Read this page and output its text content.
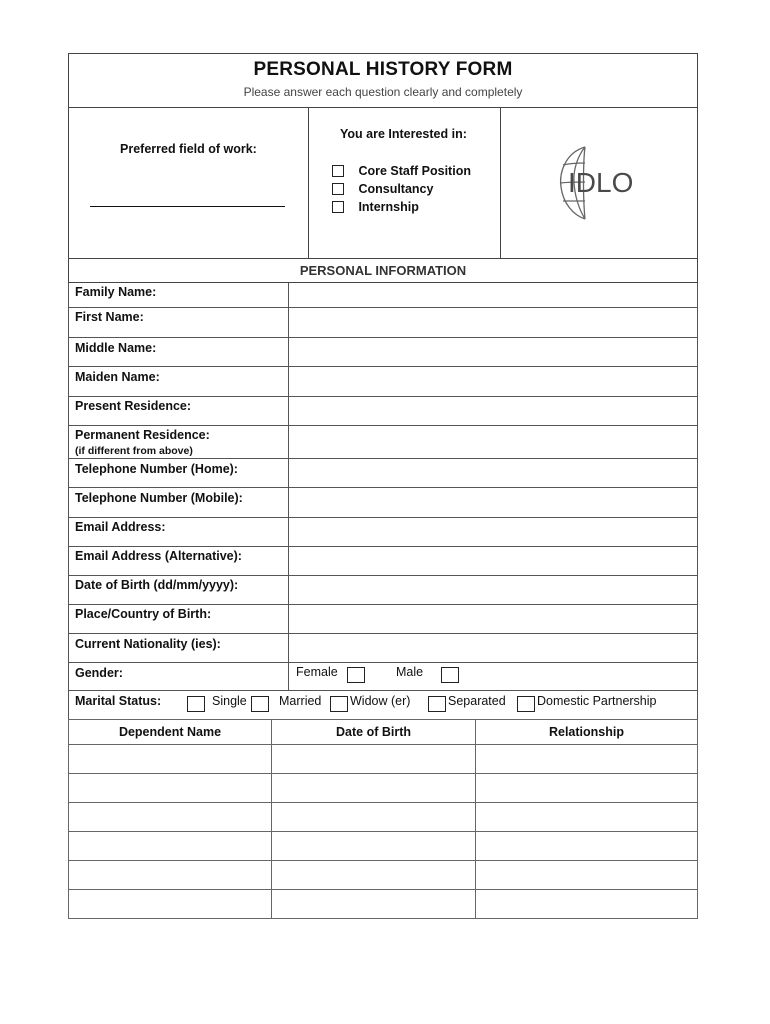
PERSONAL HISTORY FORM
Please answer each question clearly and completely
Preferred field of work:
You are Interested in:
Core Staff Position
Consultancy
Internship
IDLO
PERSONAL INFORMATION
Family Name:
First Name:
Middle Name:
Maiden Name:
Present Residence:
Permanent Residence:
(if different from above)
Telephone Number (Home):
Telephone Number (Mobile):
Email Address:
Email Address (Alternative):
Date of Birth (dd/mm/yyyy):
Place/Country of Birth:
Current Nationality (ies):
Gender:	Female	Male
Marital Status:	Single	Married Widow (er)	Separated	Domestic Partnership
Dependent Name	Date of Birth	Relationship
